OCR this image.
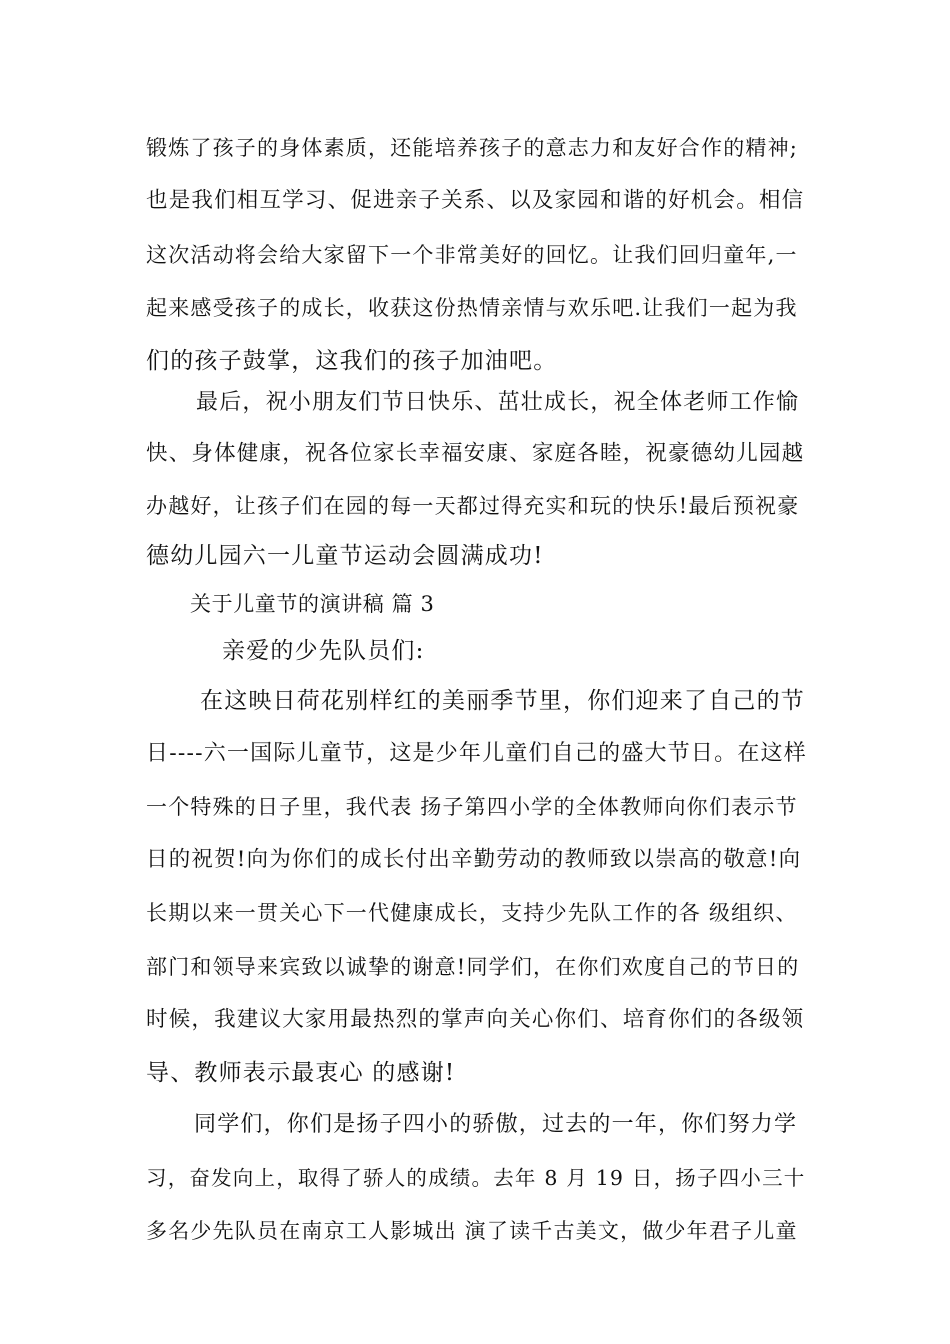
锻炼了孩子的身体素质，还能培养孩子的意志力和友好合作的精神;
也是我们相互学习、促进亲子关系、以及家园和谐的好机会。相信
这次活动将会给大家留下一个非常美好的回忆。让我们回归童年,一
起来感受孩子的成长，收获这份热情亲情与欢乐吧.让我们一起为我
们的孩子鼓掌，这我们的孩子加油吧。
最后，祝小朋友们节日快乐、茁壮成长，祝全体老师工作愉
快、身体健康，祝各位家长幸福安康、家庭各睦，祝豪德幼儿园越
办越好，让孩子们在园的每一天都过得充实和玩的快乐!最后预祝豪
德幼儿园六一儿童节运动会圆满成功!
关于儿童节的演讲稿 篇 3
亲爱的少先队员们:
在这映日荷花别样红的美丽季节里，你们迎来了自己的节
日----六一国际儿童节，这是少年儿童们自己的盛大节日。在这样
一个特殊的日子里，我代表 扬子第四小学的全体教师向你们表示节
日的祝贺!向为你们的成长付出辛勤劳动的教师致以崇高的敬意!向
长期以来一贯关心下一代健康成长，支持少先队工作的各 级组织、
部门和领导来宾致以诚挚的谢意!同学们，在你们欢度自己的节日的
时候，我建议大家用最热烈的掌声向关心你们、培育你们的各级领
导、教师表示最衷心 的感谢!
同学们，你们是扬子四小的骄傲，过去的一年，你们努力学
习，奋发向上，取得了骄人的成绩。去年 8 月 19 日，扬子四小三十
多名少先队员在南京工人影城出 演了读千古美文，做少年君子儿童
